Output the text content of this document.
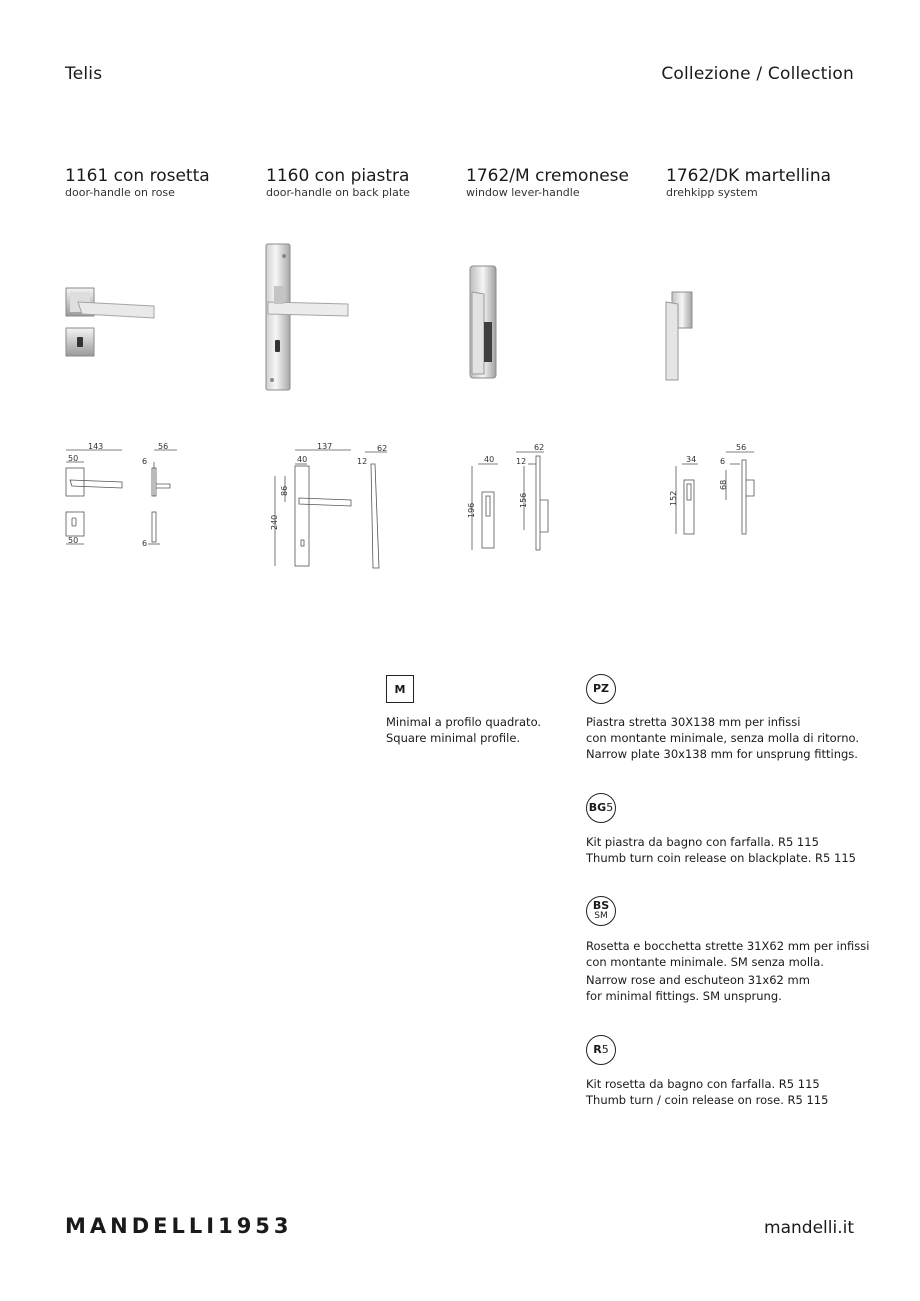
Telis	Collezione / Collection
1161 con rosetta
door-handle on rose
1160 con piastra
door-handle on back plate
1762/M cremonese
window lever-handle
1762/DK martellina
drehkipp system
143
50
56
6
50	6
137
40
86
240
62
12	40
196
62
12
156
34
152
56
6
68
M
Minimal a profilo quadrato.
Square minimal profile.
PZ
Piastra stretta 30X138 mm per infissi
con montante minimale, senza molla di ritorno.
Narrow plate 30x138 mm for unsprung fittings.
BG 5
Kit piastra da bagno con farfalla. R5 115
Thumb turn coin release on blackplate. R5 115
BS
SM
Rosetta e bocchetta strette 31X62 mm per infissi
con montante minimale. SM senza molla.
Narrow rose and eschuteon 31x62 mm
for minimal fittings. SM unsprung.
R 5
Kit rosetta da bagno con farfalla. R5 115
Thumb turn / coin release on rose. R5 115
MANDELLI1953	mandelli.it
